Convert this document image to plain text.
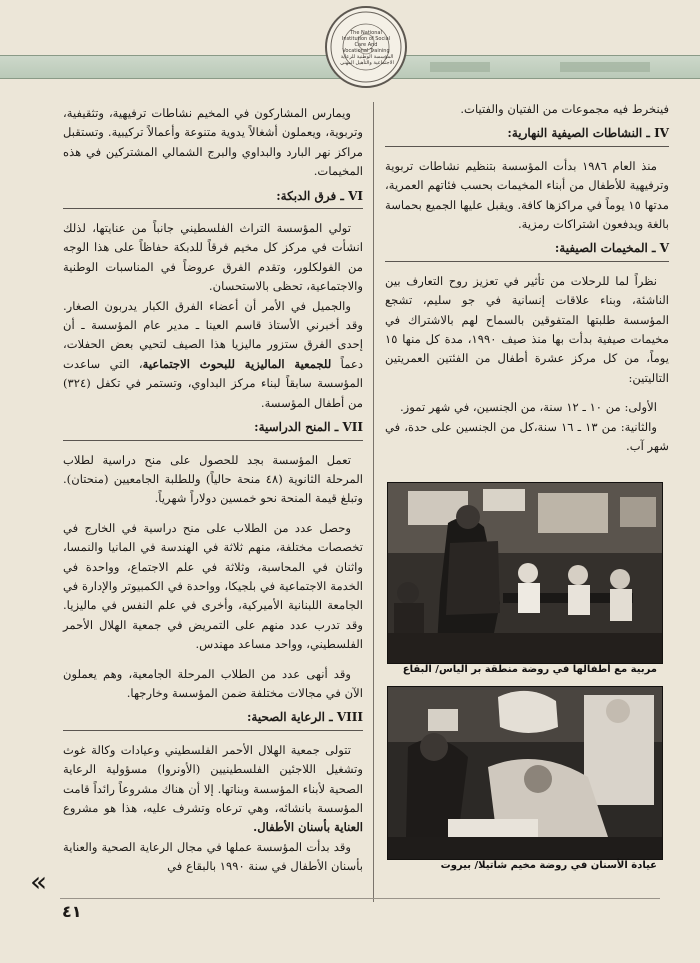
The National Institution of Social Care And Vocational Training
المؤسسة الوطنية للرعاية الاجتماعية والتأهيل المهني

فينخرط فيه مجموعات من الفتيان والفتيات.

IV ـ النشاطات الصيفية النهارية:

منذ العام ١٩٨٦ بدأت المؤسسة بتنظيم نشاطات تربوية وترفيهية للأطفال من أبناء المخيمات بحسب فئاتهم العمرية، مدتها ١٥ يوماً في مراكزها كافة. ويقبل عليها الجميع بحماسة بالغة ويدفعون اشتراكات رمزية.

V ـ المخيمات الصيفية:

نظراً لما للرحلات من تأثير في تعزيز روح التعارف بين الناشئة، وبناء علاقات إنسانية في جو سليم، تشجع المؤسسة طلبتها المتفوقين بالسماح لهم بالاشتراك في مخيمات صيفية بدأت بها منذ صيف ١٩٩٠، مدة كل منها ١٥ يوماً، من كل مركز عشرة أطفال من الفئتين العمريتين التاليتين:

الأولى: من ١٠ ـ ١٢ سنة، من الجنسين، في شهر تموز.

والثانية: من ١٣ ـ ١٦ سنة،كل من الجنسين على حدة، في شهر آب.

مربية مع أطفالها في روضة منطقة بر الياس/ البقاع
عيادة الأسنان في روضة مخيم شاتيلا/ بيروت

ويمارس المشاركون في المخيم نشاطات ترفيهية، وتثقيفية، وتربوية، ويعملون أشغالاً يدوية متنوعة وأعمالاً تركيبية. وتستقبل مراكز نهر البارد والبداوي والبرج الشمالي المشتركين في هذه المخيمات.

VI ـ فرق الدبكة:

تولي المؤسسة التراث الفلسطيني جانباً من عنايتها، لذلك انشأت في مركز كل مخيم فرقاً للدبكة حفاظاً على هذا الوجه من الفولكلور، وتقدم الفرق عروضاً في المناسبات الوطنية والاجتماعية، تحظى بالاستحسان.

والجميل في الأمر أن أعضاء الفرق الكبار يدربون الصغار. وقد أخبرني الأستاذ قاسم العينا ـ مدير عام المؤسسة ـ أن إحدى الفرق ستزور ماليزيا هذا الصيف لتحيي بعض الحفلات، دعماً للجمعية الماليزية للبحوث الاجتماعية، التي ساعدت المؤسسة سابقاً لبناء مركز البداوي، وتستمر في تكفل (٣٢٤) من أطفال المؤسسة.

VII ـ المنح الدراسية:

تعمل المؤسسة بجد للحصول على منح دراسية لطلاب المرحلة الثانوية (٤٨ منحة حالياً) وللطلبة الجامعيين (منحتان). وتبلغ قيمة المنحة نحو خمسين دولاراً شهرياً.

وحصل عدد من الطلاب على منح دراسية في الخارج في تخصصات مختلفة، منهم ثلاثة في الهندسة في المانيا والنمسا، واثنان في المحاسبة، وثلاثة في علم الاجتماع، وواحدة في الخدمة الاجتماعية في بلجيكا، وواحدة في الكمبيوتر والإدارة في الجامعة اللبنانية الأميركية، وأخرى في علم النفس في ماليزيا. وقد تدرب عدد منهم على التمريض في جمعية الهلال الأحمر الفلسطيني، وواحد مساعد مهندس.

وقد أنهى عدد من الطلاب المرحلة الجامعية، وهم يعملون الآن في مجالات مختلفة ضمن المؤسسة وخارجها.

VIII ـ الرعاية الصحية:

تتولى جمعية الهلال الأحمر الفلسطيني وعيادات وكالة غوث وتشغيل اللاجئين الفلسطينيين (الأونروا) مسؤولية الرعاية الصحية لأبناء المؤسسة وبناتها. إلا أن هناك مشروعاً رائداً قامت المؤسسة بانشائه، وهي ترعاه وتشرف عليه، هذا هو مشروع العناية بأسنان الأطفال.

وقد بدأت المؤسسة عملها في مجال الرعاية الصحية والعناية بأسنان الأطفال في سنة ١٩٩٠ بالبقاع في

«
٤١
